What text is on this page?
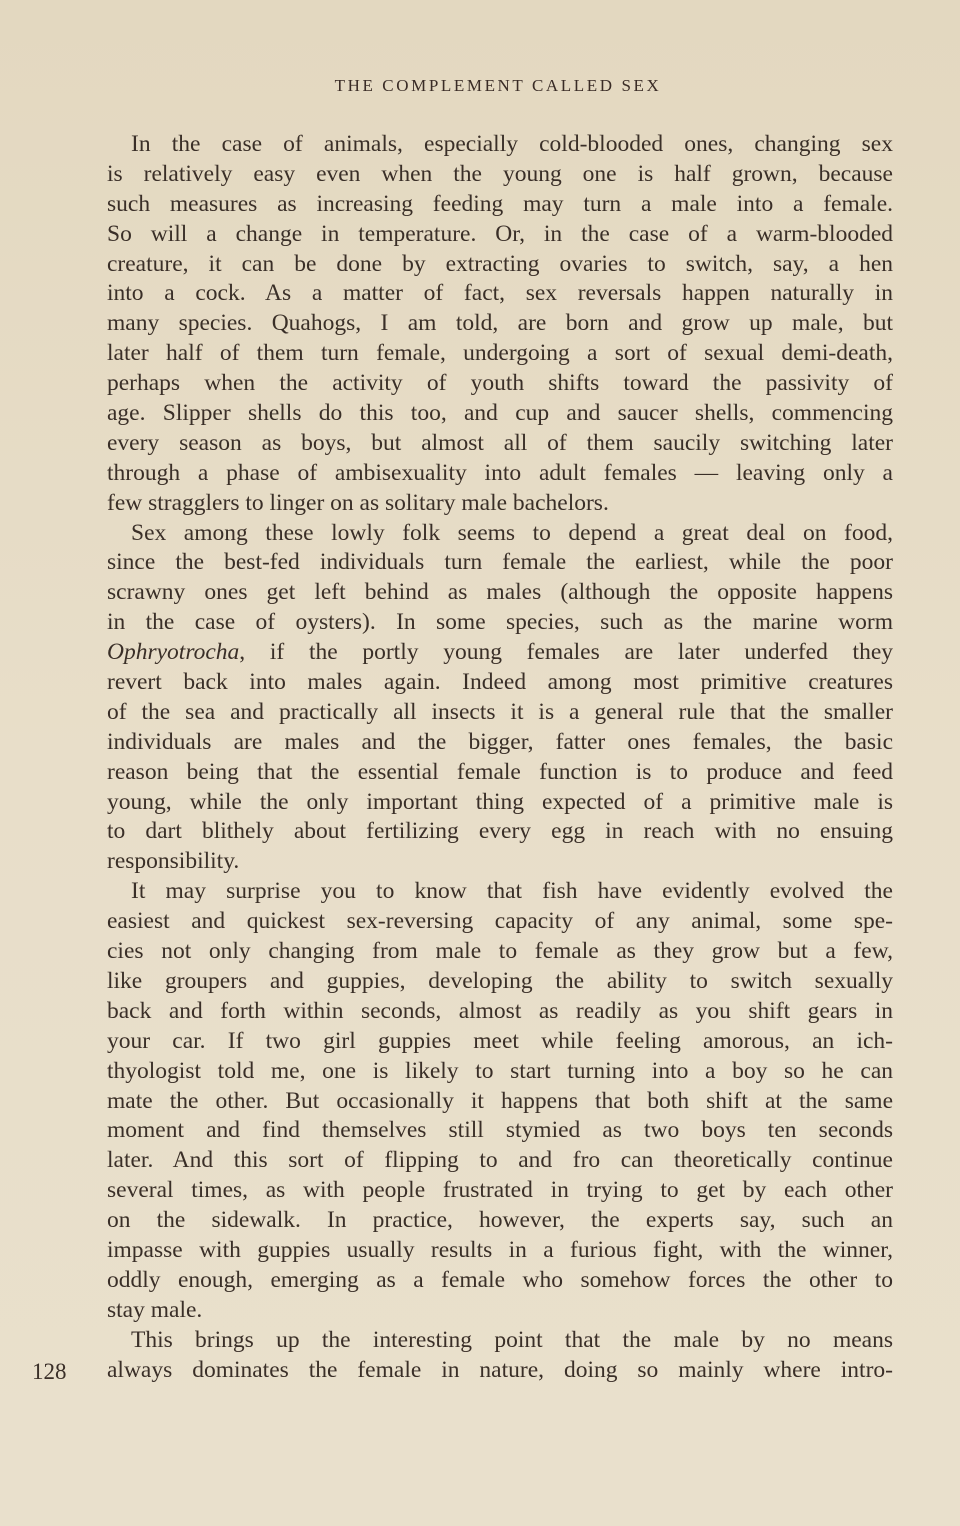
THE COMPLEMENT CALLED SEX
In the case of animals, especially cold-blooded ones, changing sex
is relatively easy even when the young one is half grown, because
such measures as increasing feeding may turn a male into a female.
So will a change in temperature. Or, in the case of a warm-blooded
creature, it can be done by extracting ovaries to switch, say, a hen
into a cock. As a matter of fact, sex reversals happen naturally in
many species. Quahogs, I am told, are born and grow up male, but
later half of them turn female, undergoing a sort of sexual demi-death,
perhaps when the activity of youth shifts toward the passivity of
age. Slipper shells do this too, and cup and saucer shells, commencing
every season as boys, but almost all of them saucily switching later
through a phase of ambisexuality into adult females — leaving only a
few stragglers to linger on as solitary male bachelors.
Sex among these lowly folk seems to depend a great deal on food,
since the best-fed individuals turn female the earliest, while the poor
scrawny ones get left behind as males (although the opposite happens
in the case of oysters). In some species, such as the marine worm
Ophryotrocha, if the portly young females are later underfed they
revert back into males again. Indeed among most primitive creatures
of the sea and practically all insects it is a general rule that the smaller
individuals are males and the bigger, fatter ones females, the basic
reason being that the essential female function is to produce and feed
young, while the only important thing expected of a primitive male is
to dart blithely about fertilizing every egg in reach with no ensuing
responsibility.
It may surprise you to know that fish have evidently evolved the
easiest and quickest sex-reversing capacity of any animal, some spe-
cies not only changing from male to female as they grow but a few,
like groupers and guppies, developing the ability to switch sexually
back and forth within seconds, almost as readily as you shift gears in
your car. If two girl guppies meet while feeling amorous, an ich-
thyologist told me, one is likely to start turning into a boy so he can
mate the other. But occasionally it happens that both shift at the same
moment and find themselves still stymied as two boys ten seconds
later. And this sort of flipping to and fro can theoretically continue
several times, as with people frustrated in trying to get by each other
on the sidewalk. In practice, however, the experts say, such an
impasse with guppies usually results in a furious fight, with the winner,
oddly enough, emerging as a female who somehow forces the other to
stay male.
This brings up the interesting point that the male by no means
always dominates the female in nature, doing so mainly where intro-
128
